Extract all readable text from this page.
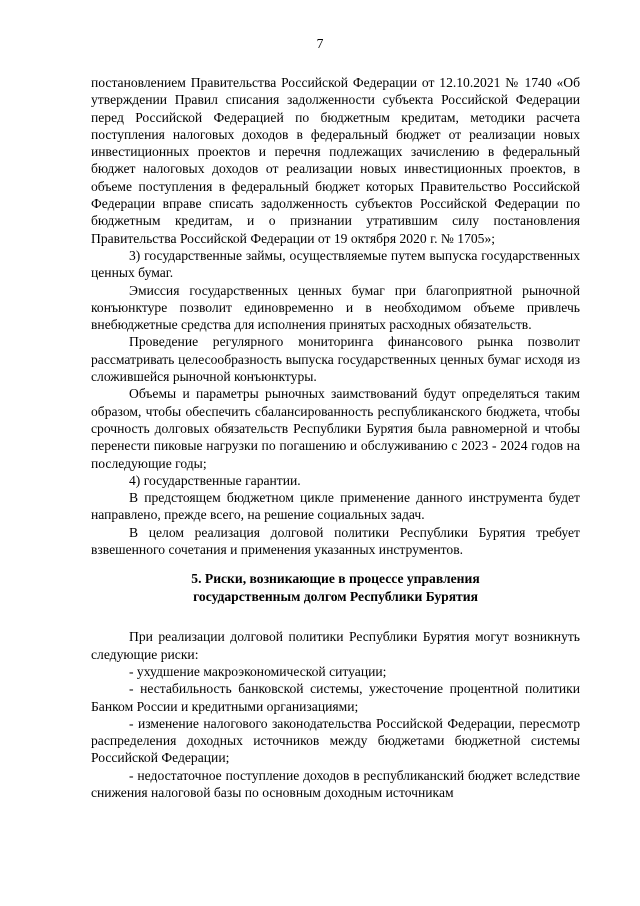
7

постановлением Правительства Российской Федерации от 12.10.2021 № 1740 «Об утверждении Правил списания задолженности субъекта Российской Федерации перед Российской Федерацией по бюджетным кредитам, методики расчета поступления налоговых доходов в федеральный бюджет от реализации новых инвестиционных проектов и перечня подлежащих зачислению в федеральный бюджет налоговых доходов от реализации новых инвестиционных проектов, в объеме поступления в федеральный бюджет которых Правительство Российской Федерации вправе списать задолженность субъектов Российской Федерации по бюджетным кредитам, и о признании утратившим силу постановления Правительства Российской Федерации от 19 октября 2020 г. № 1705»;

3) государственные займы, осуществляемые путем выпуска государственных ценных бумаг.

Эмиссия государственных ценных бумаг при благоприятной рыночной конъюнктуре позволит единовременно и в необходимом объеме привлечь внебюджетные средства для исполнения принятых расходных обязательств.

Проведение регулярного мониторинга финансового рынка позволит рассматривать целесообразность выпуска государственных ценных бумаг исходя из сложившейся рыночной конъюнктуры.

Объемы и параметры рыночных заимствований будут определяться таким образом, чтобы обеспечить сбалансированность республиканского бюджета, чтобы срочность долговых обязательств Республики Бурятия была равномерной и чтобы перенести пиковые нагрузки по погашению и обслуживанию с 2023 - 2024 годов на последующие годы;

4) государственные гарантии.

В предстоящем бюджетном цикле применение данного инструмента будет направлено, прежде всего, на решение социальных задач.

В целом реализация долговой политики Республики Бурятия требует взвешенного сочетания и применения указанных инструментов.

5. Риски, возникающие в процессе управления
государственным долгом Республики Бурятия

При реализации долговой политики Республики Бурятия могут возникнуть следующие риски:

- ухудшение макроэкономической ситуации;

- нестабильность банковской системы, ужесточение процентной политики Банком России и кредитными организациями;

- изменение налогового законодательства Российской Федерации, пересмотр распределения доходных источников между бюджетами бюджетной системы Российской Федерации;

- недостаточное поступление доходов в республиканский бюджет вследствие снижения налоговой базы по основным доходным источникам
